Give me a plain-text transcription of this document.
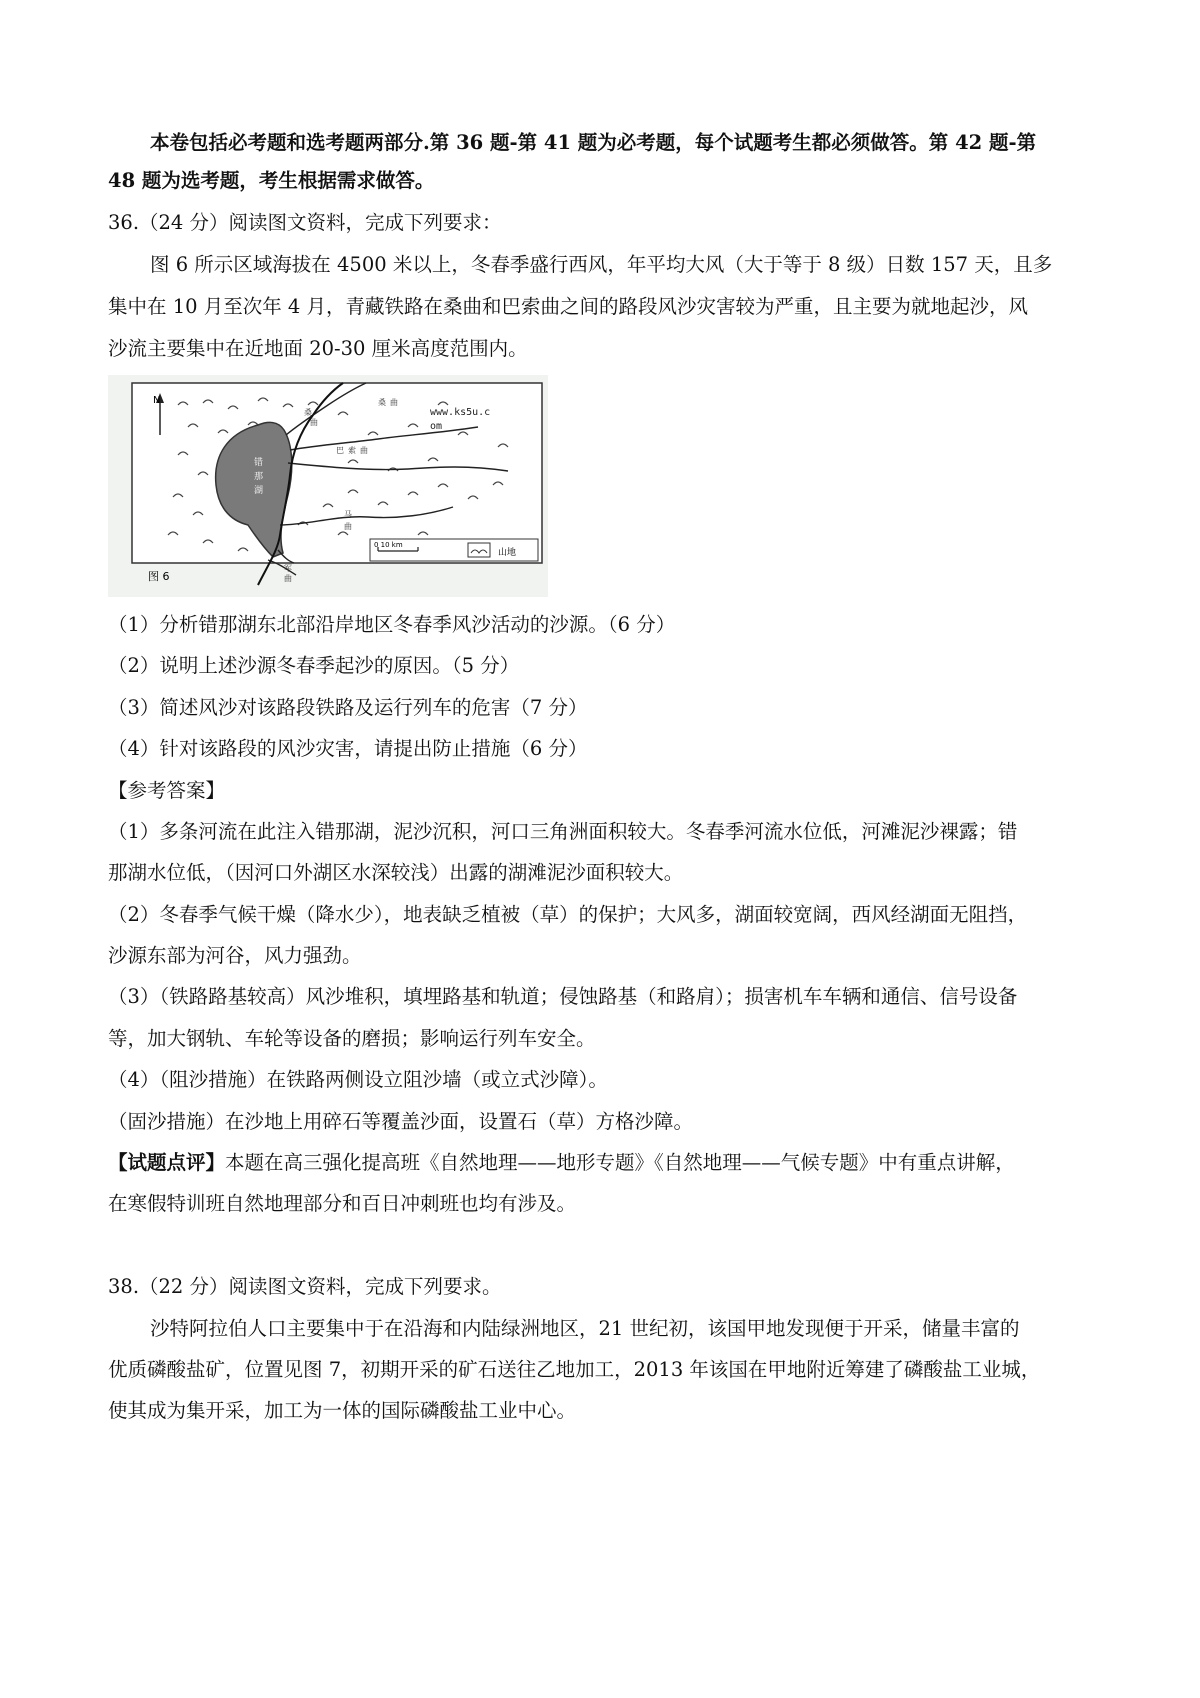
本卷包括必考题和选考题两部分.第 36 题-第 41 题为必考题，每个试题考生都必须做答。第 42 题-第
48 题为选考题，考生根据需求做答。
36.（24 分）阅读图文资料，完成下列要求：
图 6 所示区域海拔在 4500 米以上，冬春季盛行西风，年平均大风（大于等于 8 级）日数 157 天，且多
集中在 10 月至次年 4 月，青藏铁路在桑曲和巴索曲之间的路段风沙灾害较为严重，且主要为就地起沙，风
沙流主要集中在近地面 20-30 厘米高度范围内。
N
错
那
湖
桑
曲
巴 索 曲
马
曲
军
曲
桑 曲
www.ks5u.c
om
0 10 km
山地
图 6
（1）分析错那湖东北部沿岸地区冬春季风沙活动的沙源。（6 分）
（2）说明上述沙源冬春季起沙的原因。（5 分）
（3）简述风沙对该路段铁路及运行列车的危害（7 分）
（4）针对该路段的风沙灾害，请提出防止措施（6 分）
【参考答案】
（1）多条河流在此注入错那湖，泥沙沉积，河口三角洲面积较大。冬春季河流水位低，河滩泥沙裸露；错
那湖水位低，（因河口外湖区水深较浅）出露的湖滩泥沙面积较大。
（2）冬春季气候干燥（降水少），地表缺乏植被（草）的保护；大风多，湖面较宽阔，西风经湖面无阻挡，
沙源东部为河谷，风力强劲。
（3）（铁路路基较高）风沙堆积，填埋路基和轨道；侵蚀路基（和路肩）；损害机车车辆和通信、信号设备
等，加大钢轨、车轮等设备的磨损；影响运行列车安全。
（4）（阻沙措施）在铁路两侧设立阻沙墙（或立式沙障）。
（固沙措施）在沙地上用碎石等覆盖沙面，设置石（草）方格沙障。
【试题点评】本题在高三强化提高班《自然地理——地形专题》《自然地理——气候专题》中有重点讲解，
在寒假特训班自然地理部分和百日冲刺班也均有涉及。
38.（22 分）阅读图文资料，完成下列要求。
沙特阿拉伯人口主要集中于在沿海和内陆绿洲地区，21 世纪初，该国甲地发现便于开采，储量丰富的
优质磷酸盐矿，位置见图 7，初期开采的矿石送往乙地加工，2013 年该国在甲地附近筹建了磷酸盐工业城，
使其成为集开采，加工为一体的国际磷酸盐工业中心。
